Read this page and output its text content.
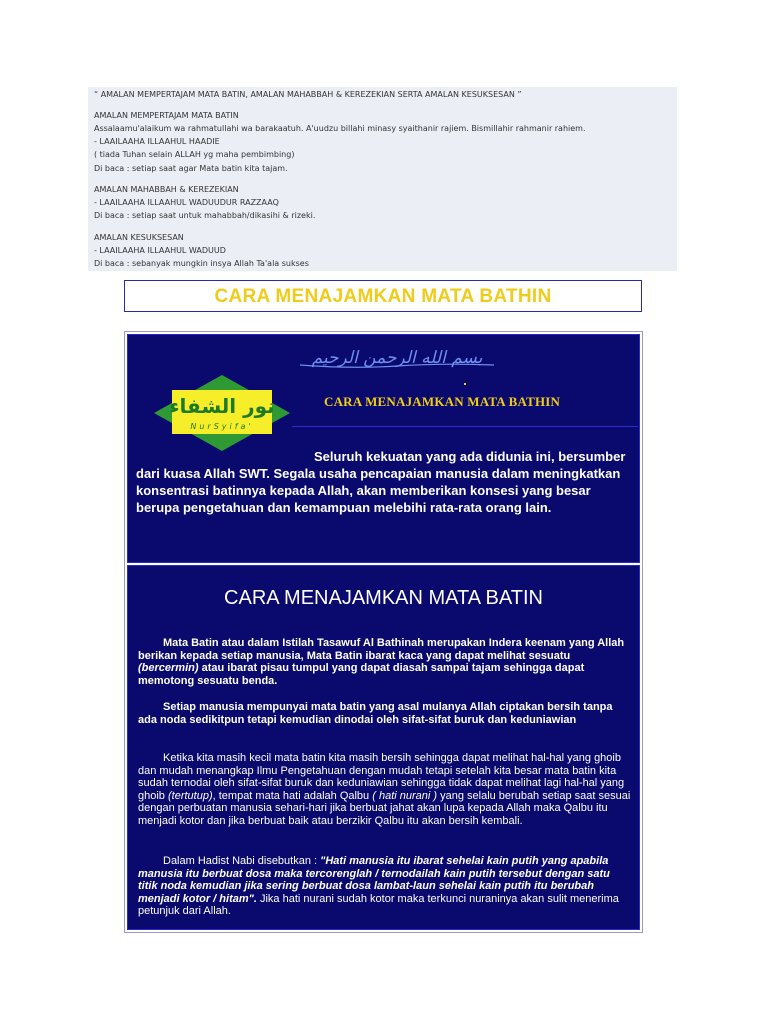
“ AMALAN MEMPERTAJAM MATA BATIN, AMALAN MAHABBAH & KEREZEKIAN SERTA AMALAN KESUKSESAN ”
AMALAN MEMPERTAJAM MATA BATIN
Assalaamu'alaikum wa rahmatullahi wa barakaatuh. A'uudzu billahi minasy syaithanir rajiem. Bismillahir rahmanir rahiem.
- LAAILAAHA ILLAAHUL HAADIE
( tiada Tuhan selain ALLAH yg maha pembimbing)
Di baca : setiap saat agar Mata batin kita tajam.
AMALAN MAHABBAH & KEREZEKIAN
- LAAILAAHA ILLAAHUL WADUUDUR RAZZAAQ
Di baca : setiap saat untuk mahabbah/dikasihi & rizeki.
AMALAN KESUKSESAN
- LAAILAAHA ILLAAHUL WADUUD
Di baca : sebanyak mungkin insya Allah Ta'ala sukses
CARA MENAJAMKAN MATA BATHIN
بسم الله الرحمن الرحيم
نور الشفاء
NurSyifa'
CARA MENAJAMKAN MATA BATHIN

Seluruh kekuatan yang ada didunia ini, bersumber dari kuasa Allah SWT. Segala usaha pencapaian manusia dalam meningkatkan konsentrasi batinnya kepada Allah, akan memberikan konsesi yang besar berupa pengetahuan dan kemampuan melebihi rata-rata orang lain.

CARA MENAJAMKAN MATA BATIN

Mata Batin atau dalam Istilah Tasawuf Al Bathinah merupakan Indera keenam yang Allah berikan kepada setiap manusia, Mata Batin ibarat kaca yang dapat melihat sesuatu (bercermin) atau ibarat pisau tumpul yang dapat diasah sampai tajam sehingga dapat memotong sesuatu benda.

Setiap manusia mempunyai mata batin yang asal mulanya Allah ciptakan bersih tanpa ada noda sedikitpun tetapi kemudian dinodai oleh sifat-sifat buruk dan keduniawian

Ketika kita masih kecil mata batin kita masih bersih sehingga dapat melihat hal-hal yang ghoib dan mudah menangkap Ilmu Pengetahuan dengan mudah tetapi setelah kita besar mata batin kita sudah ternodai oleh sifat-sifat buruk dan keduniawian sehingga tidak dapat melihat lagi hal-hal yang ghoib (tertutup), tempat mata hati adalah Qalbu ( hati nurani ) yang selalu berubah setiap saat sesuai dengan perbuatan manusia sehari-hari jika berbuat jahat akan lupa kepada Allah maka Qalbu itu menjadi kotor dan jika berbuat baik atau berzikir Qalbu itu akan bersih kembali.

Dalam Hadist Nabi disebutkan : "Hati manusia itu ibarat sehelai kain putih yang apabila manusia itu berbuat dosa maka tercorenglah / ternodailah kain putih tersebut dengan satu titik noda kemudian jika sering berbuat dosa lambat-laun sehelai kain putih itu berubah menjadi kotor / hitam". Jika hati nurani sudah kotor maka terkunci nuraninya akan sulit menerima petunjuk dari Allah.
